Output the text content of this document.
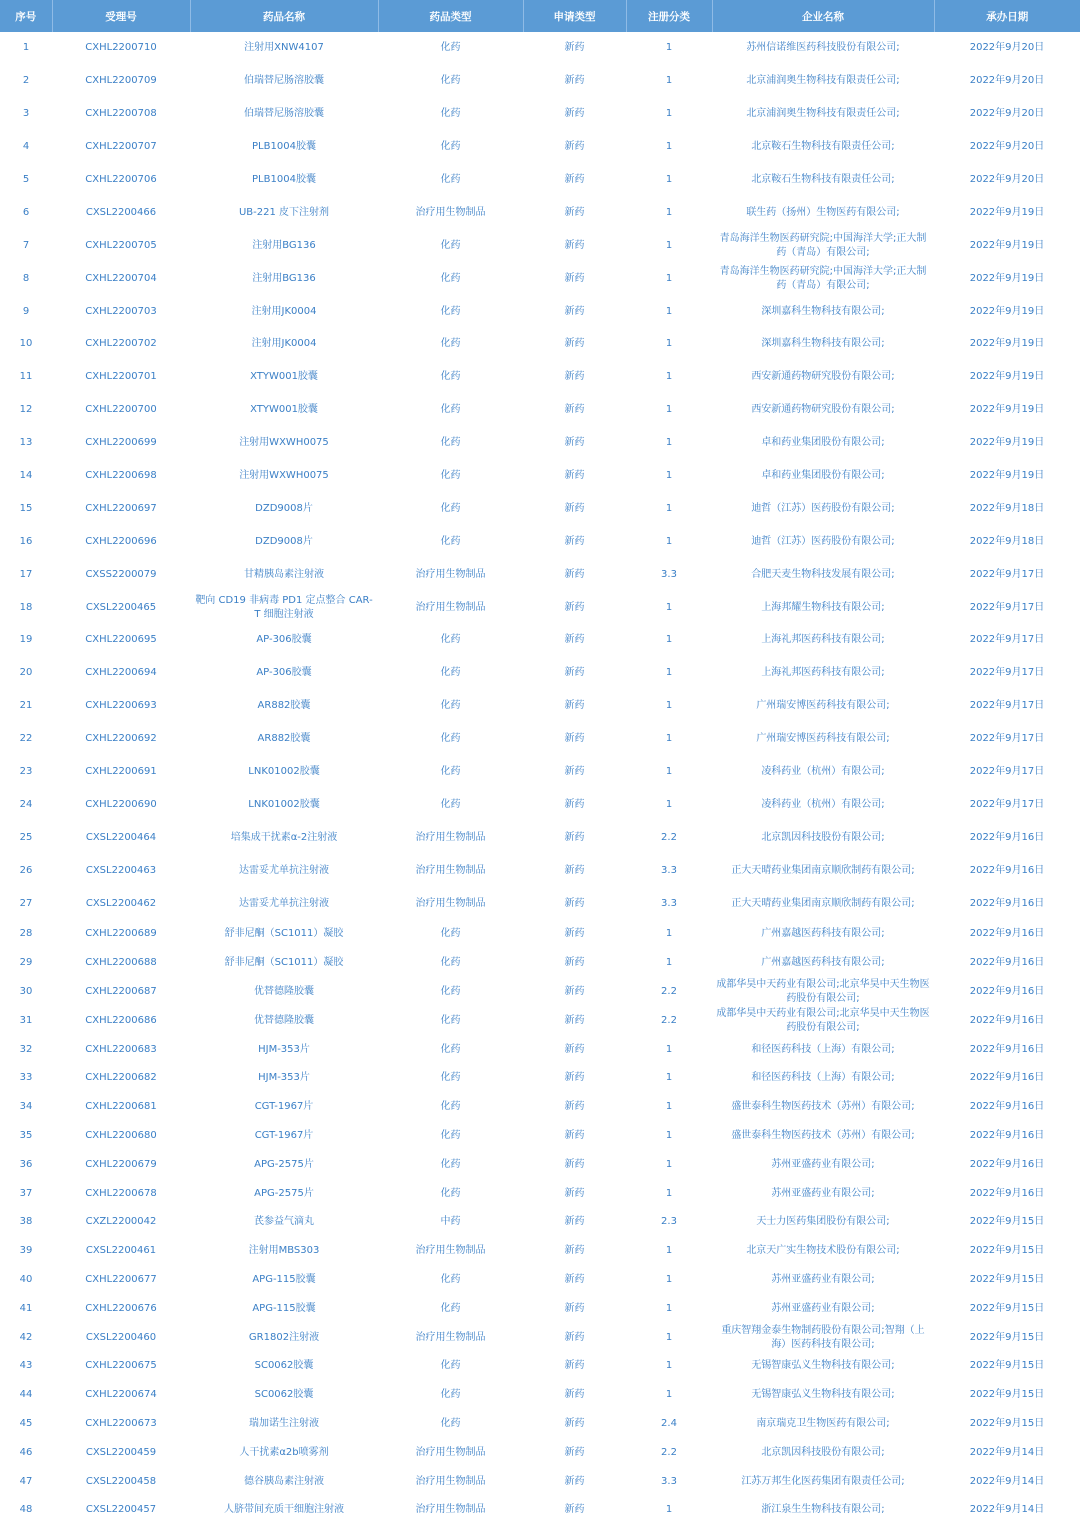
序号	受理号	药品名称	药品类型	申请类型	注册分类	企业名称	承办日期
1	CXHL2200710	注射用XNW4107	化药	新药	1	苏州信诺维医药科技股份有限公司;	2022年9月20日
2	CXHL2200709	伯瑞替尼肠溶胶囊	化药	新药	1	北京浦润奥生物科技有限责任公司;	2022年9月20日
3	CXHL2200708	伯瑞替尼肠溶胶囊	化药	新药	1	北京浦润奥生物科技有限责任公司;	2022年9月20日
4	CXHL2200707	PLB1004胶囊	化药	新药	1	北京鞍石生物科技有限责任公司;	2022年9月20日
5	CXHL2200706	PLB1004胶囊	化药	新药	1	北京鞍石生物科技有限责任公司;	2022年9月20日
6	CXSL2200466	UB-221 皮下注射剂	治疗用生物制品	新药	1	联生药（扬州）生物医药有限公司;	2022年9月19日
7	CXHL2200705	注射用BG136	化药	新药	1	青岛海洋生物医药研究院;中国海洋大学;正大制药（青岛）有限公司;	2022年9月19日
8	CXHL2200704	注射用BG136	化药	新药	1	青岛海洋生物医药研究院;中国海洋大学;正大制药（青岛）有限公司;	2022年9月19日
9	CXHL2200703	注射用JK0004	化药	新药	1	深圳嘉科生物科技有限公司;	2022年9月19日
10	CXHL2200702	注射用JK0004	化药	新药	1	深圳嘉科生物科技有限公司;	2022年9月19日
11	CXHL2200701	XTYW001胶囊	化药	新药	1	西安新通药物研究股份有限公司;	2022年9月19日
12	CXHL2200700	XTYW001胶囊	化药	新药	1	西安新通药物研究股份有限公司;	2022年9月19日
13	CXHL2200699	注射用WXWH0075	化药	新药	1	卓和药业集团股份有限公司;	2022年9月19日
14	CXHL2200698	注射用WXWH0075	化药	新药	1	卓和药业集团股份有限公司;	2022年9月19日
15	CXHL2200697	DZD9008片	化药	新药	1	迪哲（江苏）医药股份有限公司;	2022年9月18日
16	CXHL2200696	DZD9008片	化药	新药	1	迪哲（江苏）医药股份有限公司;	2022年9月18日
17	CXSS2200079	甘精胰岛素注射液	治疗用生物制品	新药	3.3	合肥天麦生物科技发展有限公司;	2022年9月17日
18	CXSL2200465	靶向 CD19 非病毒 PD1 定点整合 CAR-T 细胞注射液	治疗用生物制品	新药	1	上海邦耀生物科技有限公司;	2022年9月17日
19	CXHL2200695	AP-306胶囊	化药	新药	1	上海礼邦医药科技有限公司;	2022年9月17日
20	CXHL2200694	AP-306胶囊	化药	新药	1	上海礼邦医药科技有限公司;	2022年9月17日
21	CXHL2200693	AR882胶囊	化药	新药	1	广州瑞安博医药科技有限公司;	2022年9月17日
22	CXHL2200692	AR882胶囊	化药	新药	1	广州瑞安博医药科技有限公司;	2022年9月17日
23	CXHL2200691	LNK01002胶囊	化药	新药	1	凌科药业（杭州）有限公司;	2022年9月17日
24	CXHL2200690	LNK01002胶囊	化药	新药	1	凌科药业（杭州）有限公司;	2022年9月17日
25	CXSL2200464	培集成干扰素α-2注射液	治疗用生物制品	新药	2.2	北京凯因科技股份有限公司;	2022年9月16日
26	CXSL2200463	达雷妥尤单抗注射液	治疗用生物制品	新药	3.3	正大天晴药业集团南京顺欣制药有限公司;	2022年9月16日
27	CXSL2200462	达雷妥尤单抗注射液	治疗用生物制品	新药	3.3	正大天晴药业集团南京顺欣制药有限公司;	2022年9月16日
28	CXHL2200689	舒非尼酮（SC1011）凝胶	化药	新药	1	广州嘉越医药科技有限公司;	2022年9月16日
29	CXHL2200688	舒非尼酮（SC1011）凝胶	化药	新药	1	广州嘉越医药科技有限公司;	2022年9月16日
30	CXHL2200687	优替德隆胶囊	化药	新药	2.2	成都华昊中天药业有限公司;北京华昊中天生物医药股份有限公司;	2022年9月16日
31	CXHL2200686	优替德隆胶囊	化药	新药	2.2	成都华昊中天药业有限公司;北京华昊中天生物医药股份有限公司;	2022年9月16日
32	CXHL2200683	HJM-353片	化药	新药	1	和径医药科技（上海）有限公司;	2022年9月16日
33	CXHL2200682	HJM-353片	化药	新药	1	和径医药科技（上海）有限公司;	2022年9月16日
34	CXHL2200681	CGT-1967片	化药	新药	1	盛世泰科生物医药技术（苏州）有限公司;	2022年9月16日
35	CXHL2200680	CGT-1967片	化药	新药	1	盛世泰科生物医药技术（苏州）有限公司;	2022年9月16日
36	CXHL2200679	APG-2575片	化药	新药	1	苏州亚盛药业有限公司;	2022年9月16日
37	CXHL2200678	APG-2575片	化药	新药	1	苏州亚盛药业有限公司;	2022年9月16日
38	CXZL2200042	芪参益气滴丸	中药	新药	2.3	天士力医药集团股份有限公司;	2022年9月15日
39	CXSL2200461	注射用MBS303	治疗用生物制品	新药	1	北京天广实生物技术股份有限公司;	2022年9月15日
40	CXHL2200677	APG-115胶囊	化药	新药	1	苏州亚盛药业有限公司;	2022年9月15日
41	CXHL2200676	APG-115胶囊	化药	新药	1	苏州亚盛药业有限公司;	2022年9月15日
42	CXSL2200460	GR1802注射液	治疗用生物制品	新药	1	重庆智翔金泰生物制药股份有限公司;智翔（上海）医药科技有限公司;	2022年9月15日
43	CXHL2200675	SC0062胶囊	化药	新药	1	无锡智康弘义生物科技有限公司;	2022年9月15日
44	CXHL2200674	SC0062胶囊	化药	新药	1	无锡智康弘义生物科技有限公司;	2022年9月15日
45	CXHL2200673	瑞加诺生注射液	化药	新药	2.4	南京瑞克卫生物医药有限公司;	2022年9月15日
46	CXSL2200459	人干扰素α2b喷雾剂	治疗用生物制品	新药	2.2	北京凯因科技股份有限公司;	2022年9月14日
47	CXSL2200458	德谷胰岛素注射液	治疗用生物制品	新药	3.3	江苏万邦生化医药集团有限责任公司;	2022年9月14日
48	CXSL2200457	人脐带间充质干细胞注射液	治疗用生物制品	新药	1	浙江泉生生物科技有限公司;	2022年9月14日
